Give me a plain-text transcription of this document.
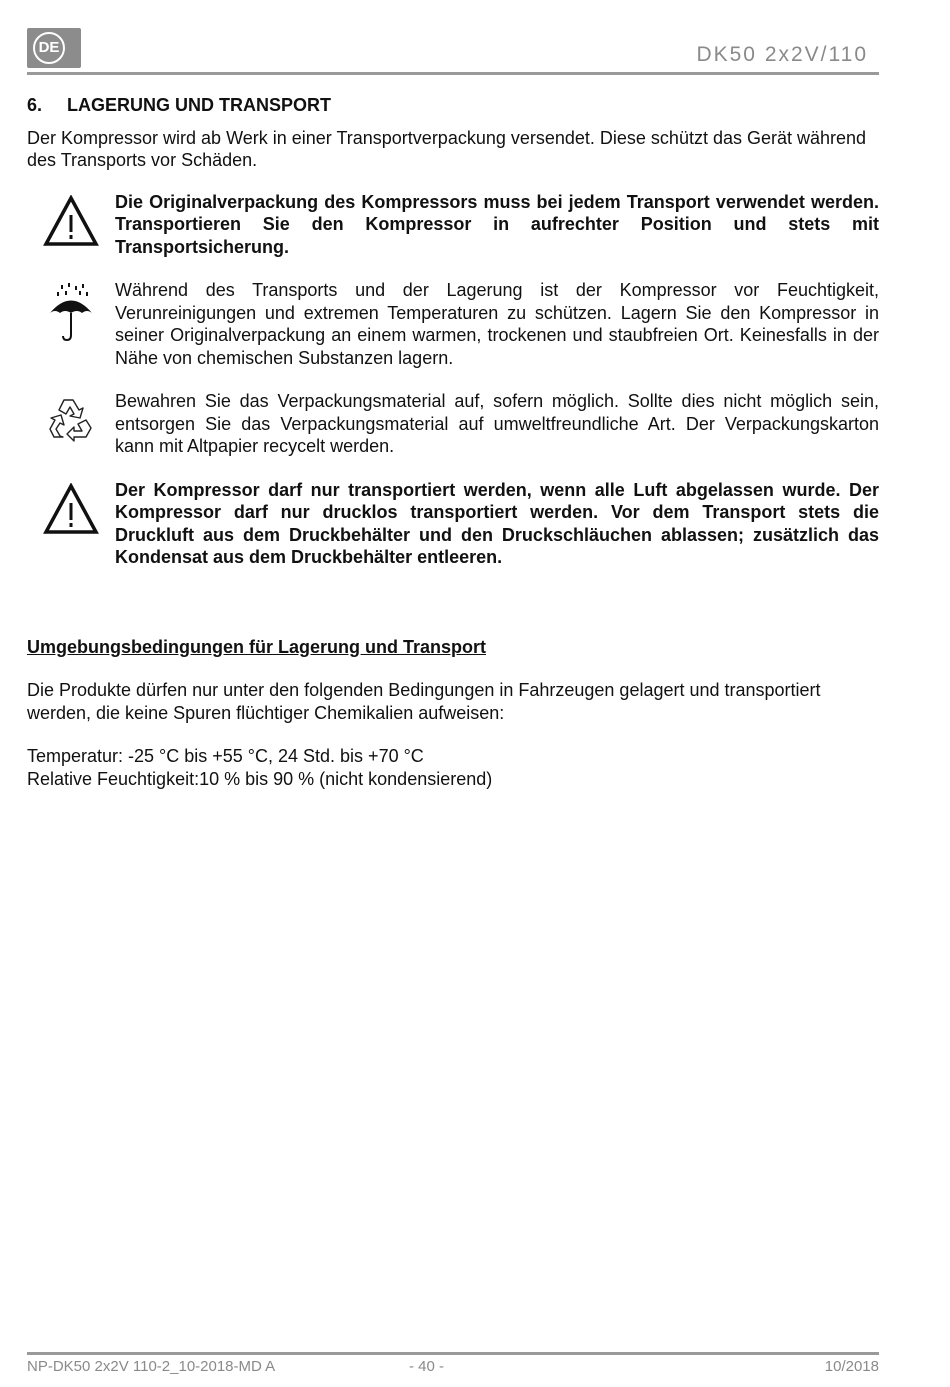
DE	DK50 2x2V/110
6.	LAGERUNG UND TRANSPORT

Der Kompressor wird ab Werk in einer Transportverpackung versendet. Diese schützt das Gerät während des Transports vor Schäden.

Die Originalverpackung des Kompressors muss bei jedem Transport verwendet werden. Transportieren Sie den Kompressor in aufrechter Position und stets mit Transportsicherung.
Während des Transports und der Lagerung ist der Kompressor vor Feuchtigkeit, Verunreinigungen und extremen Temperaturen zu schützen. Lagern Sie den Kompressor in seiner Originalverpackung an einem warmen, trockenen und staubfreien Ort. Keinesfalls in der Nähe von chemischen Substanzen lagern.
Bewahren Sie das Verpackungsmaterial auf, sofern möglich. Sollte dies nicht möglich sein, entsorgen Sie das Verpackungsmaterial auf umweltfreundliche Art. Der Verpackungskarton kann mit Altpapier recycelt werden.
Der Kompressor darf nur transportiert werden, wenn alle Luft abgelassen wurde. Der Kompressor darf nur drucklos transportiert werden. Vor dem Transport stets die Druckluft aus dem Druckbehälter und den Druckschläuchen ablassen; zusätzlich das Kondensat aus dem Druckbehälter entleeren.
Umgebungsbedingungen für Lagerung und Transport
Die Produkte dürfen nur unter den folgenden Bedingungen in Fahrzeugen gelagert und transportiert werden, die keine Spuren flüchtiger Chemikalien aufweisen:
Temperatur: -25 °C bis +55 °C, 24 Std. bis +70 °C
Relative Feuchtigkeit:10 % bis 90 % (nicht kondensierend)
NP-DK50 2x2V 110-2_10-2018-MD A	- 40 -	10/2018
